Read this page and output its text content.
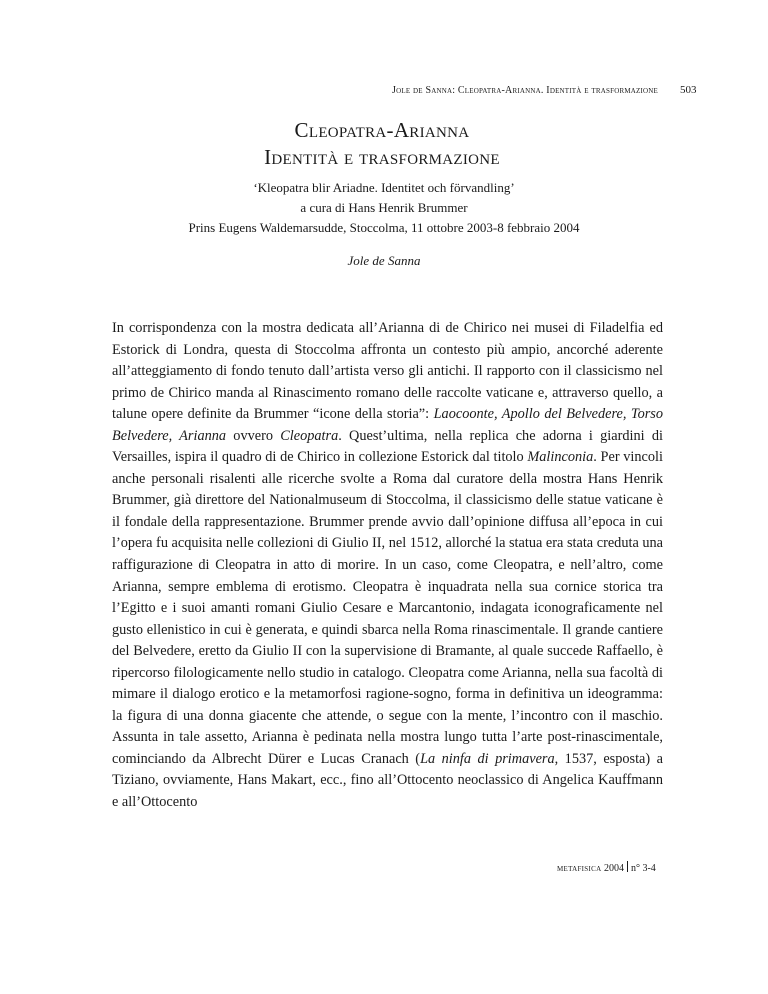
Jole de Sanna: Cleopatra-Arianna. Identità e trasformazione 503
Cleopatra-Arianna
Identità e trasformazione
‘Kleopatra blir Ariadne. Identitet och förvandling’
a cura di Hans Henrik Brummer
Prins Eugens Waldemarsudde, Stoccolma, 11 ottobre 2003-8 febbraio 2004
Jole de Sanna

In corrispondenza con la mostra dedicata all’Arianna di de Chirico nei musei di Filadelfia ed Estorick di Londra, questa di Stoccolma affronta un contesto più ampio, ancorché aderente all’atteggiamento di fondo tenuto dall’artista verso gli antichi. Il rapporto con il classicismo nel primo de Chirico manda al Rinascimento romano delle raccolte vaticane e, attraverso quello, a talune opere definite da Brummer “icone della storia”: Laocoonte, Apollo del Belvedere, Torso Belvedere, Arianna ovvero Cleopatra. Quest’ultima, nella replica che adorna i giardini di Versailles, ispira il quadro di de Chirico in collezione Estorick dal titolo Malinconia. Per vincoli anche personali risalenti alle ricerche svolte a Roma dal curatore della mostra Hans Henrik Brummer, già direttore del Nationalmuseum di Stoccolma, il classicismo delle statue vaticane è il fondale della rappresentazione. Brummer prende avvio dall’opinione diffusa all’epoca in cui l’opera fu acquisita nelle collezioni di Giulio II, nel 1512, allorché la statua era stata creduta una raffigurazione di Cleopatra in atto di morire. In un caso, come Cleopatra, e nell’altro, come Arianna, sempre emblema di erotismo. Cleopatra è inquadrata nella sua cornice storica tra l’Egitto e i suoi amanti romani Giulio Cesare e Marcantonio, indagata iconograficamente nel gusto ellenistico in cui è generata, e quindi sbarca nella Roma rinascimentale. Il grande cantiere del Belvedere, eretto da Giulio II con la supervisione di Bramante, al quale succede Raffaello, è ripercorso filologicamente nello studio in catalogo. Cleopatra come Arianna, nella sua facoltà di mimare il dialogo erotico e la metamorfosi ragione-sogno, forma in definitiva un ideogramma: la figura di una donna giacente che attende, o segue con la mente, l’incontro con il maschio. Assunta in tale assetto, Arianna è pedinata nella mostra lungo tutta l’arte post-rinascimentale, cominciando da Albrecht Dürer e Lucas Cranach (La ninfa di primavera, 1537, esposta) a Tiziano, ovviamente, Hans Makart, ecc., fino all’Ottocento neoclassico di Angelica Kauffmann e all’Ottocento

metafisica 2004 n° 3-4
